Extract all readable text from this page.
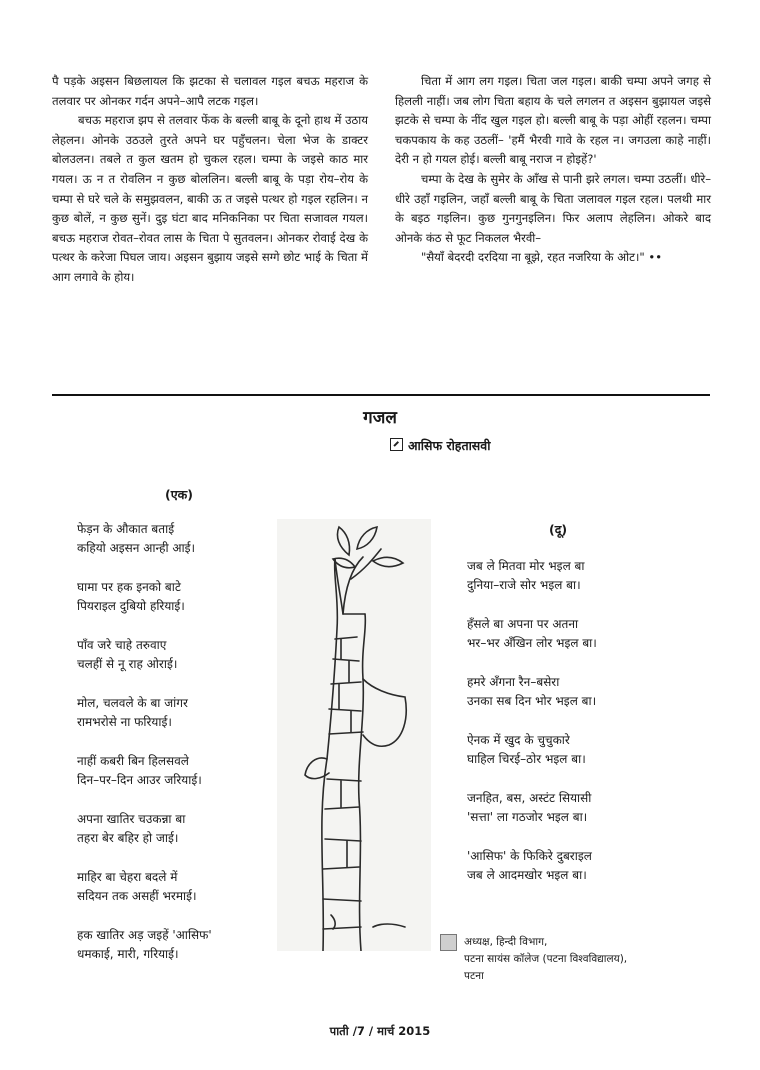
पै पड़के अइसन बिछलायल कि झटका से चलावल गइल बचऊ महराज के तलवार पर ओनकर गर्दन अपने–आपै लटक गइल।

बचऊ महराज झप से तलवार फेंक के बल्ली बाबू के दूनो हाथ में उठाय लेहलन। ओनके उठउले तुरते अपने घर पहुँचलन। चेला भेज के डाक्टर बोलउलन। तबले त कुल खतम हो चुकल रहल। चम्पा के जइसे काठ मार गयल। ऊ न त रोवलिन न कुछ बोललिन। बल्ली बाबू के पड़ा रोय–रोय के चम्पा से घरे चले के समुझवलन, बाकी ऊ त जइसे पत्थर हो गइल रहलिन। न कुछ बोलें, न कुछ सुनें। दुइ घंटा बाद मनिकनिका पर चिता सजावल गयल। बचऊ महराज रोवत–रोवत लास के चिता पे सुतवलन। ओनकर रोवाई देख के पत्थर के करेजा पिघल जाय। अइसन बुझाय जइसे सग्गे छोट भाई के चिता में आग लगावे के होय।

चिता में आग लग गइल। चिता जल गइल। बाकी चम्पा अपने जगह से हिलली नाहीं। जब लोग चिता बहाय के चले लगलन त अइसन बुझायल जइसे झटके से चम्पा के नींद खुल गइल हो। बल्ली बाबू के पड़ा ओहीं रहलन। चम्पा चकपकाय के कह उठलीं– 'हमैं भैरवी गावे के रहल न। जगउला काहे नाहीं। देरी न हो गयल होई। बल्ली बाबू नराज न होइहें?'

चम्पा के देख के सुमेर के आँख से पानी झरे लगल। चम्पा उठलीं। धीरे–धीरे उहाँ गइलिन, जहाँ बल्ली बाबू के चिता जलावल गइल रहल। पलथी मार के बइठ गइलिन। कुछ गुनगुनइलिन। फिर अलाप लेहलिन। ओकरे बाद ओनके कंठ से फूट निकलल भैरवी–

"सैयाँ बेदरदी दरदिया ना बूझे, रहत नजरिया के ओट।" ••

गजल
आसिफ रोहतासवी
(एक)
(दू)
फेड़न के औकात बताई
कहियो अइसन आन्ही आई।
घामा पर हक इनको बाटे
पियराइल दुबियो हरियाई।
पाँव जरे चाहे तरुवाए
चलहीं से नू राह ओराई।
मोल, चलवले के बा जांगर
रामभरोसे ना फरियाई।
नाहीं कबरी बिन हिलसवले
दिन–पर–दिन आउर जरियाई।
अपना खातिर चउकन्ना बा
तहरा बेर बहिर हो जाई।
माहिर बा चेहरा बदले में
सदियन तक असहीं भरमाई।
हक खातिर अड़ जइहें 'आसिफ'
धमकाई, मारी, गरियाई।
जब ले मितवा मोर भइल बा
दुनिया–राजे सोर भइल बा।
हँसले बा अपना पर अतना
भर–भर अँखिन लोर भइल बा।
हमरे अँगना रैन–बसेरा
उनका सब दिन भोर भइल बा।
ऐनक में खुद के चुचुकारे
घाहिल चिरई–ठोर भइल बा।
जनहित, बस, अस्टंट सियासी
'सत्ता' ला गठजोर भइल बा।
'आसिफ' के फिकिरे दुबराइल
जब ले आदमखोर भइल बा।
अध्यक्ष, हिन्दी विभाग,
पटना सायंस कॉलेज (पटना विश्वविद्यालय),
पटना
पाती /7 / मार्च 2015
